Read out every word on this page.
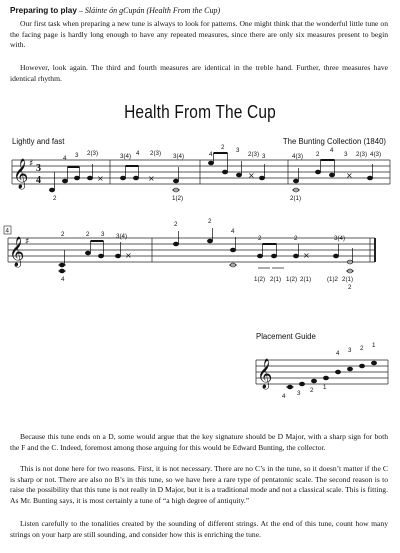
Preparing to play – Sláinte ón gCupán (Health From the Cup)

Our first task when preparing a new tune is always to look for patterns. One might think that the wonderful little tune on the facing page is hardly long enough to have any repeated measures, since there are only six measures present to begin with.

However, look again. The third and fourth measures are identical in the treble hand. Further, three measures have identical rhythm.

Health From The Cup
Lightly and fast	The Bunting Collection (1840)
𝄞
𝄞
𝄞
♯
♯
3
4
4
×	×	×	×
×	×
4 3 2(3)	3(4) 4 2(3) 3(4)	4
2 3
2(3) 3	4(3) 2
4
3 2(3) 4(3)
2	1(2)	2(1)
2	2 3 3(4)
2	2
4
2	2	3(4)
4	1(2) 2(1) 1(2) 2(1)	(1)2 2(1)
2
4 3 2 1
4 3 2 1
Placement Guide

Because this tune ends on a D, some would argue that the key signature should be D Major, with a sharp sign for both the F and the C. Indeed, foremost among those arguing for this would be Edward Bunting, the collector.

This is not done here for two reasons. First, it is not necessary. There are no C’s in the tune, so it doesn’t matter if the C is sharp or not. There are also no B’s in this tune, so we have here a rare type of pentatonic scale. The second reason is to raise the possibility that this tune is not really in D Major, but it is a traditional mode and not a classical scale. This is fitting. As Mr. Bunting says, it is most certainly a tune of “a high degree of antiquity.”

Listen carefully to the tonalities created by the sounding of different strings. At the end of this tune, count how many strings on your harp are still sounding, and consider how this is enriching the tune.
